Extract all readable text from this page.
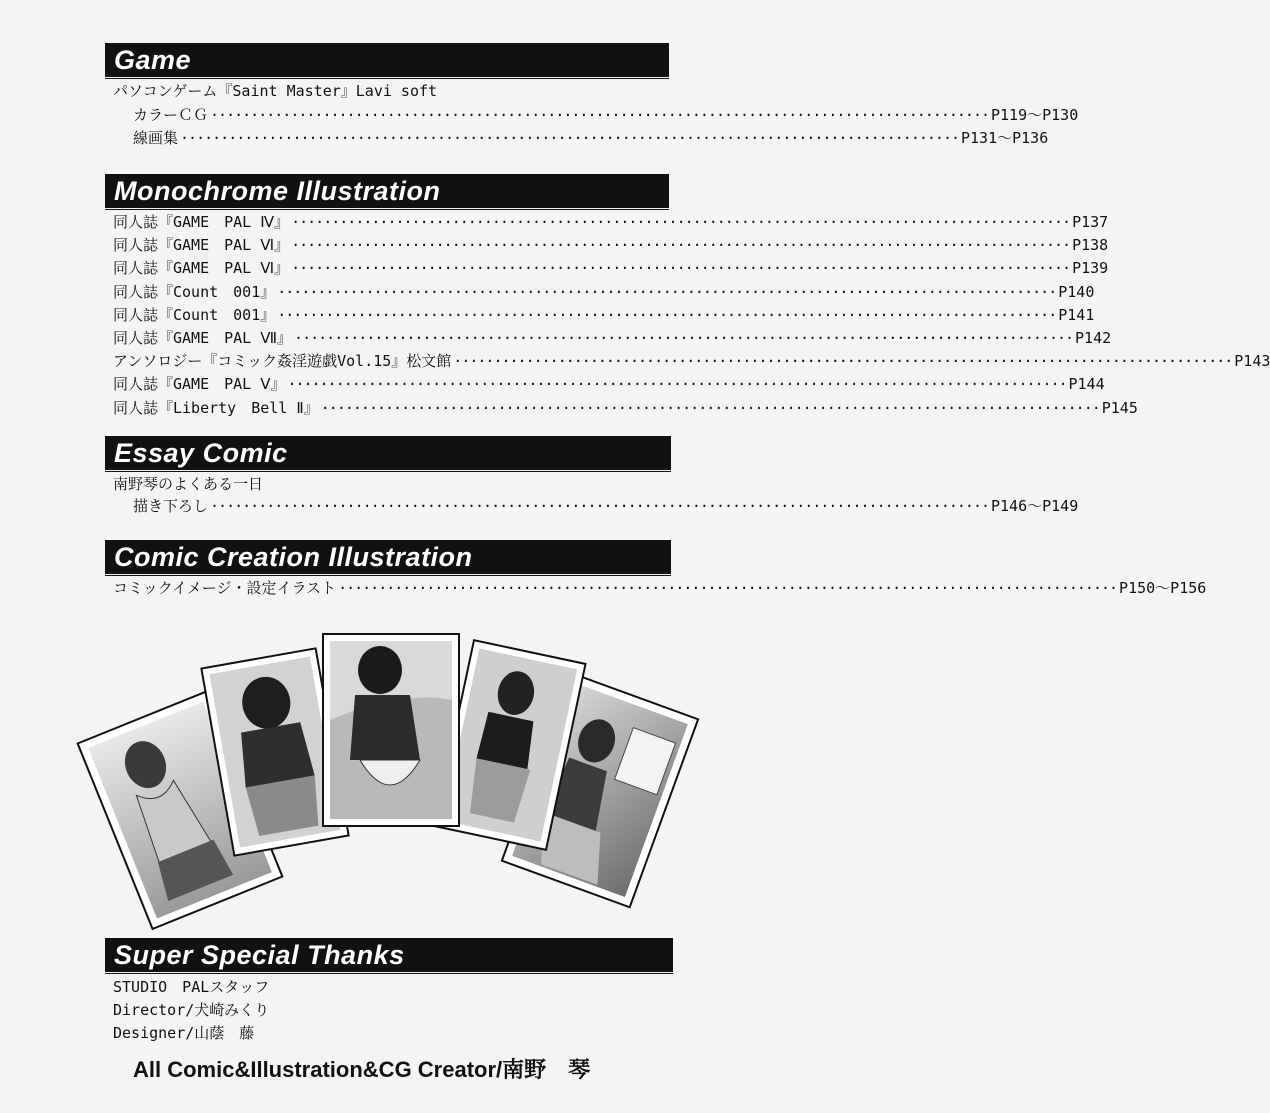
Game
パソコンゲーム『Saint Master』Lavi soft
カラーＣＧ ································································································· P119〜P130
線画集 ································································································· P131〜P136
Monochrome Illustration
同人誌『GAME　PAL Ⅳ』 ································································································· P137
同人誌『GAME　PAL Ⅵ』 ································································································· P138
同人誌『GAME　PAL Ⅵ』 ································································································· P139
同人誌『Count　001』 ································································································· P140
同人誌『Count　001』 ································································································· P141
同人誌『GAME　PAL Ⅶ』 ································································································· P142
アンソロジー『コミック姦淫遊戯Vol.15』松文館 ································································································· P143
同人誌『GAME　PAL Ⅴ』 ································································································· P144
同人誌『Liberty　Bell Ⅱ』 ································································································· P145
Essay Comic
南野琴のよくある一日
描き下ろし ································································································· P146〜P149
Comic Creation Illustration
コミックイメージ・設定イラスト ································································································· P150〜P156
Super Special Thanks
STUDIO　PALスタッフ
Director/犬崎みくり
Designer/山蔭　藤
All Comic&Illustration&CG Creator/南野　琴
